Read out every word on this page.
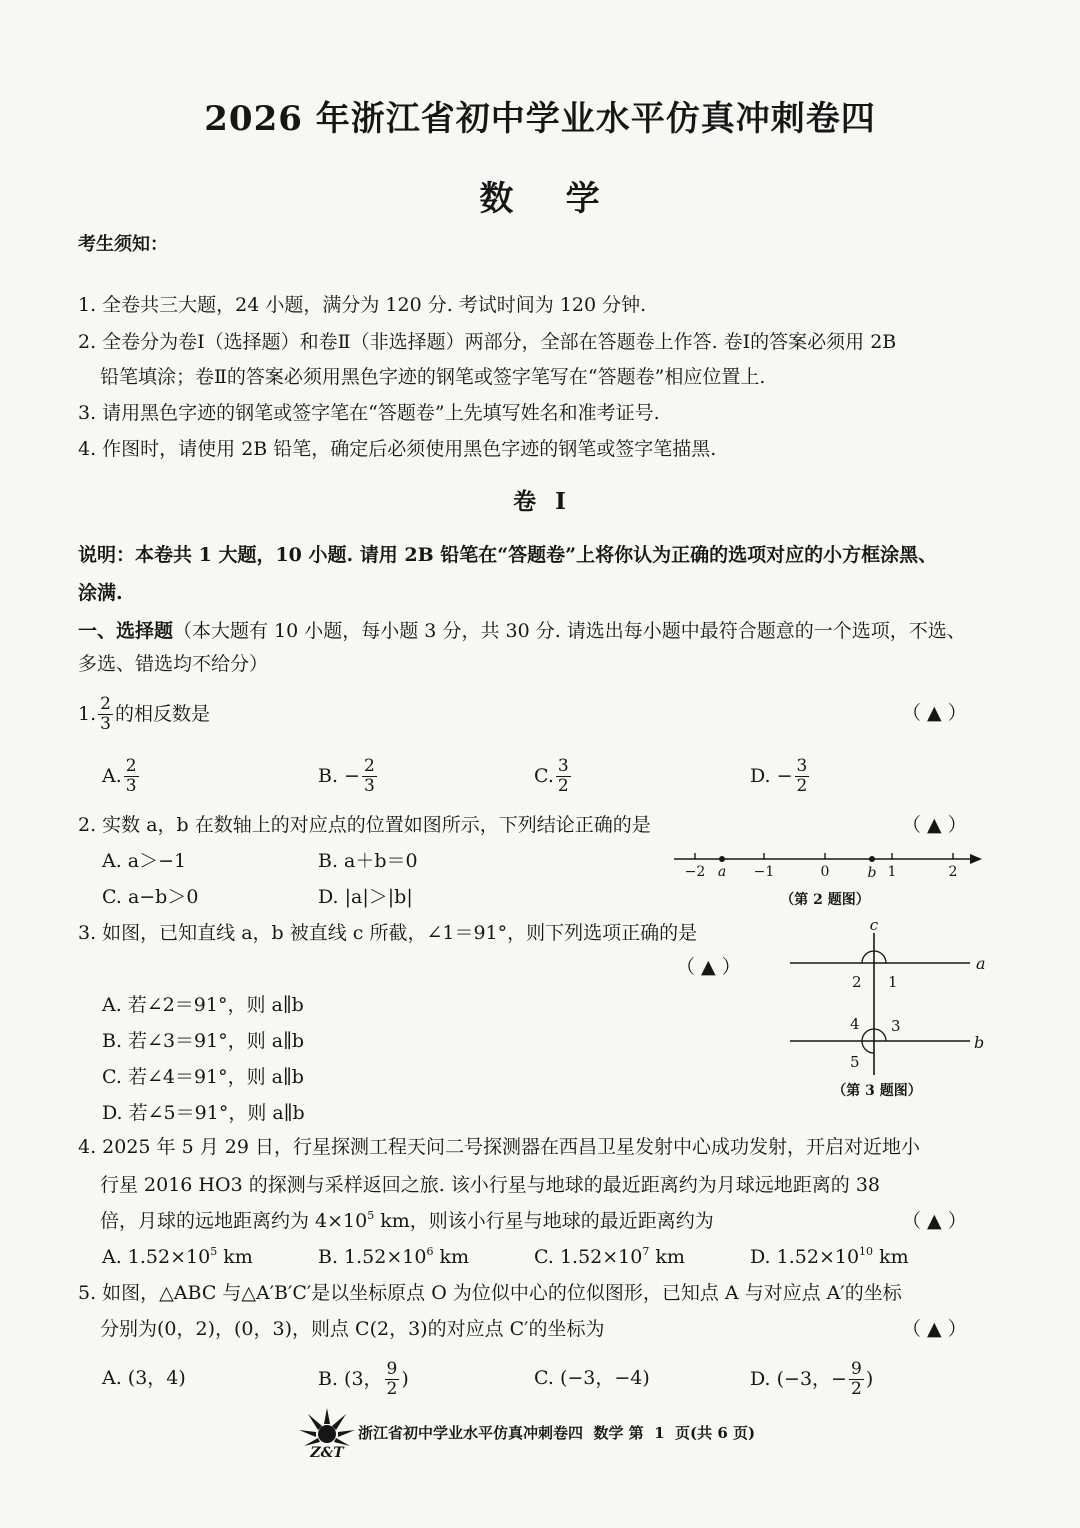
2026 年浙江省初中学业水平仿真冲刺卷四
数    学
考生须知：
1. 全卷共三大题，24 小题，满分为 120 分. 考试时间为 120 分钟.
2. 全卷分为卷Ⅰ（选择题）和卷Ⅱ（非选择题）两部分，全部在答题卷上作答. 卷Ⅰ的答案必须用 2B
铅笔填涂；卷Ⅱ的答案必须用黑色字迹的钢笔或签字笔写在“答题卷”相应位置上.
3. 请用黑色字迹的钢笔或签字笔在“答题卷”上先填写姓名和准考证号.
4. 作图时，请使用 2B 铅笔，确定后必须使用黑色字迹的钢笔或签字笔描黑.
卷  Ⅰ
说明：本卷共 1 大题，10 小题. 请用 2B 铅笔在“答题卷”上将你认为正确的选项对应的小方框涂黑、
涂满.
一、选择题（本大题有 10 小题，每小题 3 分，共 30 分. 请选出每小题中最符合题意的一个选项，不选、
多选、错选均不给分）
1. $\frac{2}{3}$ 的相反数是	（ ▲ ）
A. $\frac{2}{3}$	B. − $\frac{2}{3}$	C. $\frac{3}{2}$	D. − $\frac{3}{2}$
2. 实数 a，b 在数轴上的对应点的位置如图所示，下列结论正确的是	（ ▲ ）
A. a＞−1	B. a＋b＝0
C. a−b＞0	D. |a|＞|b|
−2 a −1	0	b 1	2
（第 2 题图）
3. 如图，已知直线 a，b 被直线 c 所截，∠1＝91°，则下列选项正确的是
（ ▲ ）
A. 若∠2＝91°，则 a∥b
B. 若∠3＝91°，则 a∥b
C. 若∠4＝91°，则 a∥b
D. 若∠5＝91°，则 a∥b
c
a
b
1
2
3
4
5
（第 3 题图）
4. 2025 年 5 月 29 日，行星探测工程天问二号探测器在西昌卫星发射中心成功发射，开启对近地小
行星 2016 HO3 的探测与采样返回之旅. 该小行星与地球的最近距离约为月球远地距离的 38
倍，月球的远地距离约为 $4\times 10^5$ km，则该小行星与地球的最近距离约为	（ ▲ ）
A. $1.52\times 10^5$ km	B. $1.52\times 10^6$ km	C. $1.52\times 10^7$ km	D. $1.52\times 10^{10}$ km
5. 如图，△ABC 与△A′B′C′是以坐标原点 O 为位似中心的位似图形，已知点 A 与对应点 A′的坐标
分别为(0，2)，(0，3)，则点 C(2，3)的对应点 C′的坐标为	（ ▲ ）
A. (3，4)	B. (3， $\frac{9}{2}$ )	C. (−3，−4)	D. (−3，− $\frac{9}{2}$ )
Z&T
浙江省初中学业水平仿真冲刺卷四  数学 第  1  页(共 6 页)
